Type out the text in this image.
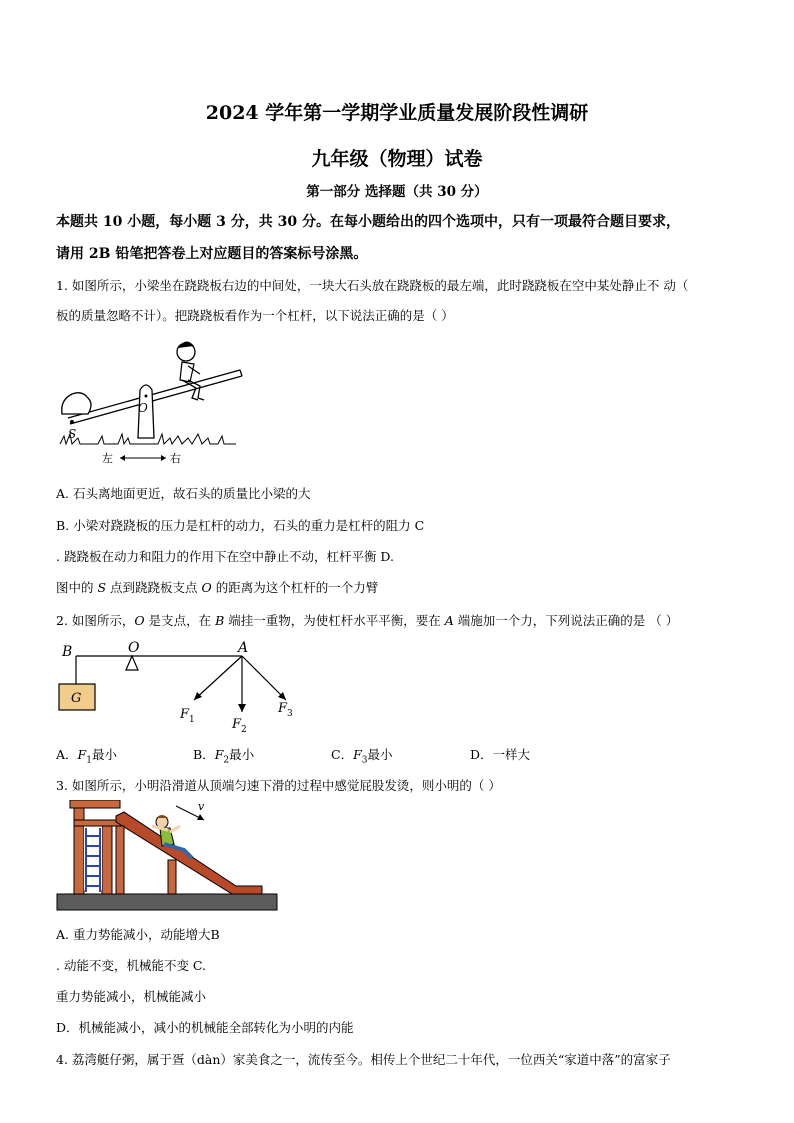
2024 学年第一学期学业质量发展阶段性调研
九年级（物理）试卷
第一部分 选择题（共 30 分）
本题共 10 小题，每小题 3 分，共 30 分。在每小题给出的四个选项中，只有一项最符合题目要求，
请用 2B 铅笔把答卷上对应题目的答案标号涂黑。
1. 如图所示，小梁坐在跷跷板右边的中间处，一块大石头放在跷跷板的最左端，此时跷跷板在空中某处静止不 动（
板的质量忽略不计）。把跷跷板看作为一个杠杆，以下说法正确的是（ ）
O
S
左	右
A. 石头离地面更近，故石头的质量比小梁的大
B. 小梁对跷跷板的压力是杠杆的动力，石头的重力是杠杆的阻力 C
. 跷跷板在动力和阻力的作用下在空中静止不动，杠杆平衡 D.
图中的 S 点到跷跷板支点 O 的距离为这个杠杆的一个力臂
2. 如图所示，O 是支点，在 B 端挂一重物，为使杠杆水平平衡，要在 A 端施加一个力，下列说法正确的是 （ ）
B	O	A
G
$F_1$	$F_2$
$F_3$
A．$F_1$最小	B．$F_2$最小	C．$F_3$最小	D．一样大
3. 如图所示，小明沿滑道从顶端匀速下滑的过程中感觉屁股发烫，则小明的（ ）
v
A. 重力势能减小，动能增大B
. 动能不变，机械能不变 C.
重力势能减小，机械能减小
D．机械能减小，减小的机械能全部转化为小明的内能
4. 荔湾艇仔粥，属于疍（dàn）家美食之一，流传至今。相传上个世纪二十年代，一位西关“家道中落”的富家子
